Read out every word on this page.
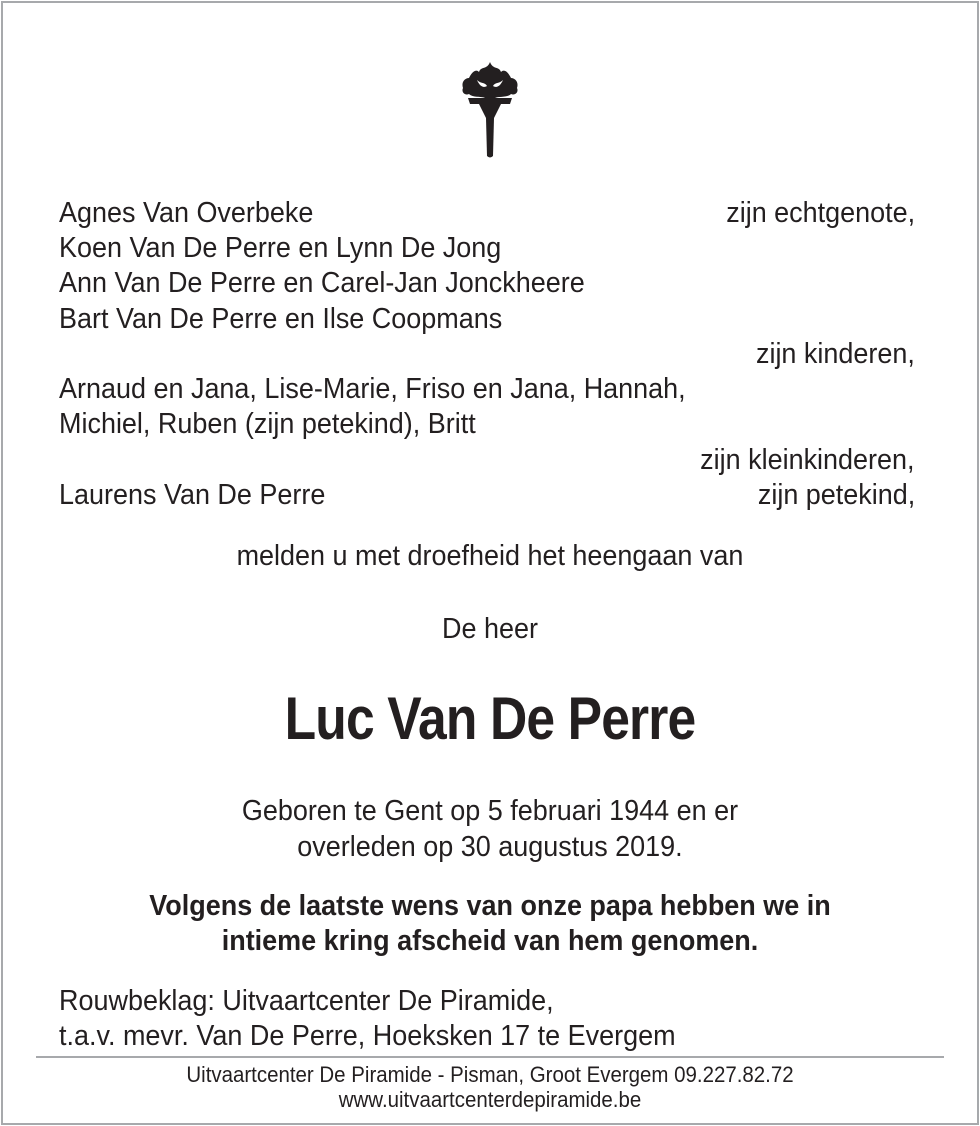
Agnes Van Overbeke	zijn echtgenote,
Koen Van De Perre en Lynn De Jong
Ann Van De Perre en Carel-Jan Jonckheere
Bart Van De Perre en Ilse Coopmans
zijn kinderen,
Arnaud en Jana, Lise-Marie, Friso en Jana, Hannah,
Michiel, Ruben (zijn petekind), Britt
zijn kleinkinderen,
Laurens Van De Perre	zijn petekind,
melden u met droefheid het heengaan van
De heer
Luc Van De Perre
Geboren te Gent op 5 februari 1944 en er
overleden op 30 augustus 2019.
Volgens de laatste wens van onze papa hebben we in
intieme kring afscheid van hem genomen.
Rouwbeklag: Uitvaartcenter De Piramide,
t.a.v. mevr. Van De Perre, Hoeksken 17 te Evergem
Uitvaartcenter De Piramide - Pisman, Groot Evergem 09.227.82.72
www.uitvaartcenterdepiramide.be
